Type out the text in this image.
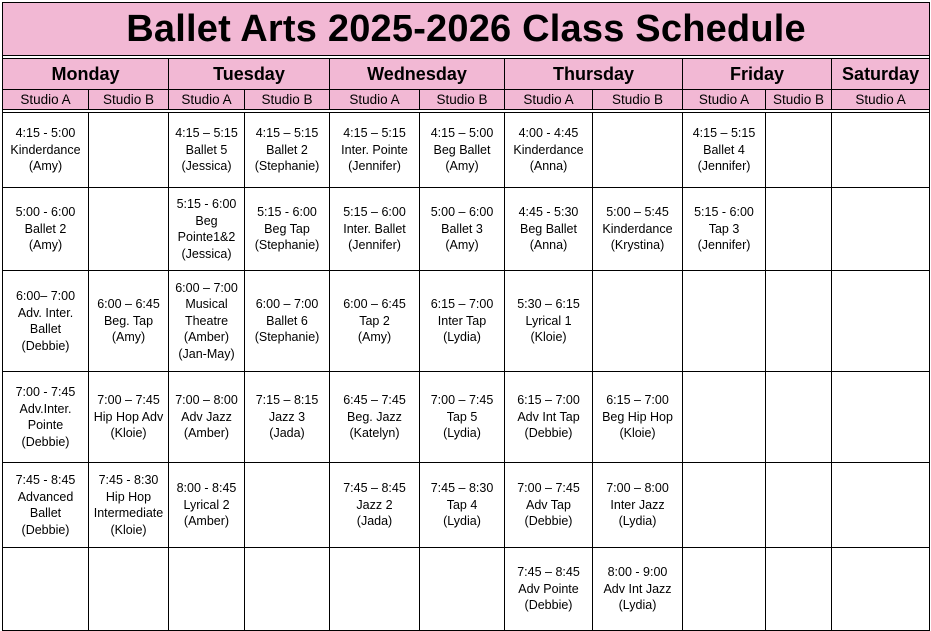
Ballet Arts 2025-2026 Class Schedule										

Monday		Tuesday		Wednesday		Thursday		Friday		Saturday
Studio A	Studio B	Studio A	Studio B	Studio A	Studio B	Studio A	Studio B	Studio A	Studio B	Studio A

4:15 - 5:00
Kinderdance
(Amy)		4:15 – 5:15
Ballet 5
(Jessica)	4:15 – 5:15
Ballet 2
(Stephanie)	4:15 – 5:15
Inter. Pointe
(Jennifer)	4:15 – 5:00
Beg Ballet
(Amy)	4:00 - 4:45
Kinderdance
(Anna)		4:15 – 5:15
Ballet 4
(Jennifer)		

5:00 - 6:00
Ballet 2
(Amy)		5:15 - 6:00
Beg
Pointe1&2
(Jessica)	5:15 - 6:00
Beg Tap
(Stephanie)	5:15 – 6:00
Inter. Ballet
(Jennifer)	5:00 – 6:00
Ballet 3
(Amy)	4:45 - 5:30
Beg Ballet
(Anna)	5:00 – 5:45
Kinderdance
(Krystina)	5:15 - 6:00
Tap 3
(Jennifer)		

6:00– 7:00
Adv. Inter.
Ballet
(Debbie)	6:00 – 6:45
Beg. Tap
(Amy)	6:00 – 7:00
Musical
Theatre
(Amber)
(Jan-May)	6:00 – 7:00
Ballet 6
(Stephanie)	6:00 – 6:45
Tap 2
(Amy)	6:15 – 7:00
Inter Tap
(Lydia)	5:30 – 6:15
Lyrical 1
(Kloie)				

7:00 - 7:45
Adv.Inter.
Pointe
(Debbie)	7:00 – 7:45
Hip Hop Adv
(Kloie)	7:00 – 8:00
Adv Jazz
(Amber)	7:15 – 8:15
Jazz 3
(Jada)	6:45 – 7:45
Beg. Jazz
(Katelyn)	7:00 – 7:45
Tap 5
(Lydia)	6:15 – 7:00
Adv Int Tap
(Debbie)	6:15 – 7:00
Beg Hip Hop
(Kloie)			

7:45 - 8:45
Advanced
Ballet
(Debbie)	7:45 - 8:30
Hip Hop
Intermediate
(Kloie)	8:00 - 8:45
Lyrical 2
(Amber)		7:45 – 8:45
Jazz 2
(Jada)	7:45 – 8:30
Tap 4
(Lydia)	7:00 – 7:45
Adv Tap
(Debbie)	7:00 – 8:00
Inter Jazz
(Lydia)			

						7:45 – 8:45
Adv Pointe
(Debbie)	8:00 - 9:00
Adv Int Jazz
(Lydia)			
